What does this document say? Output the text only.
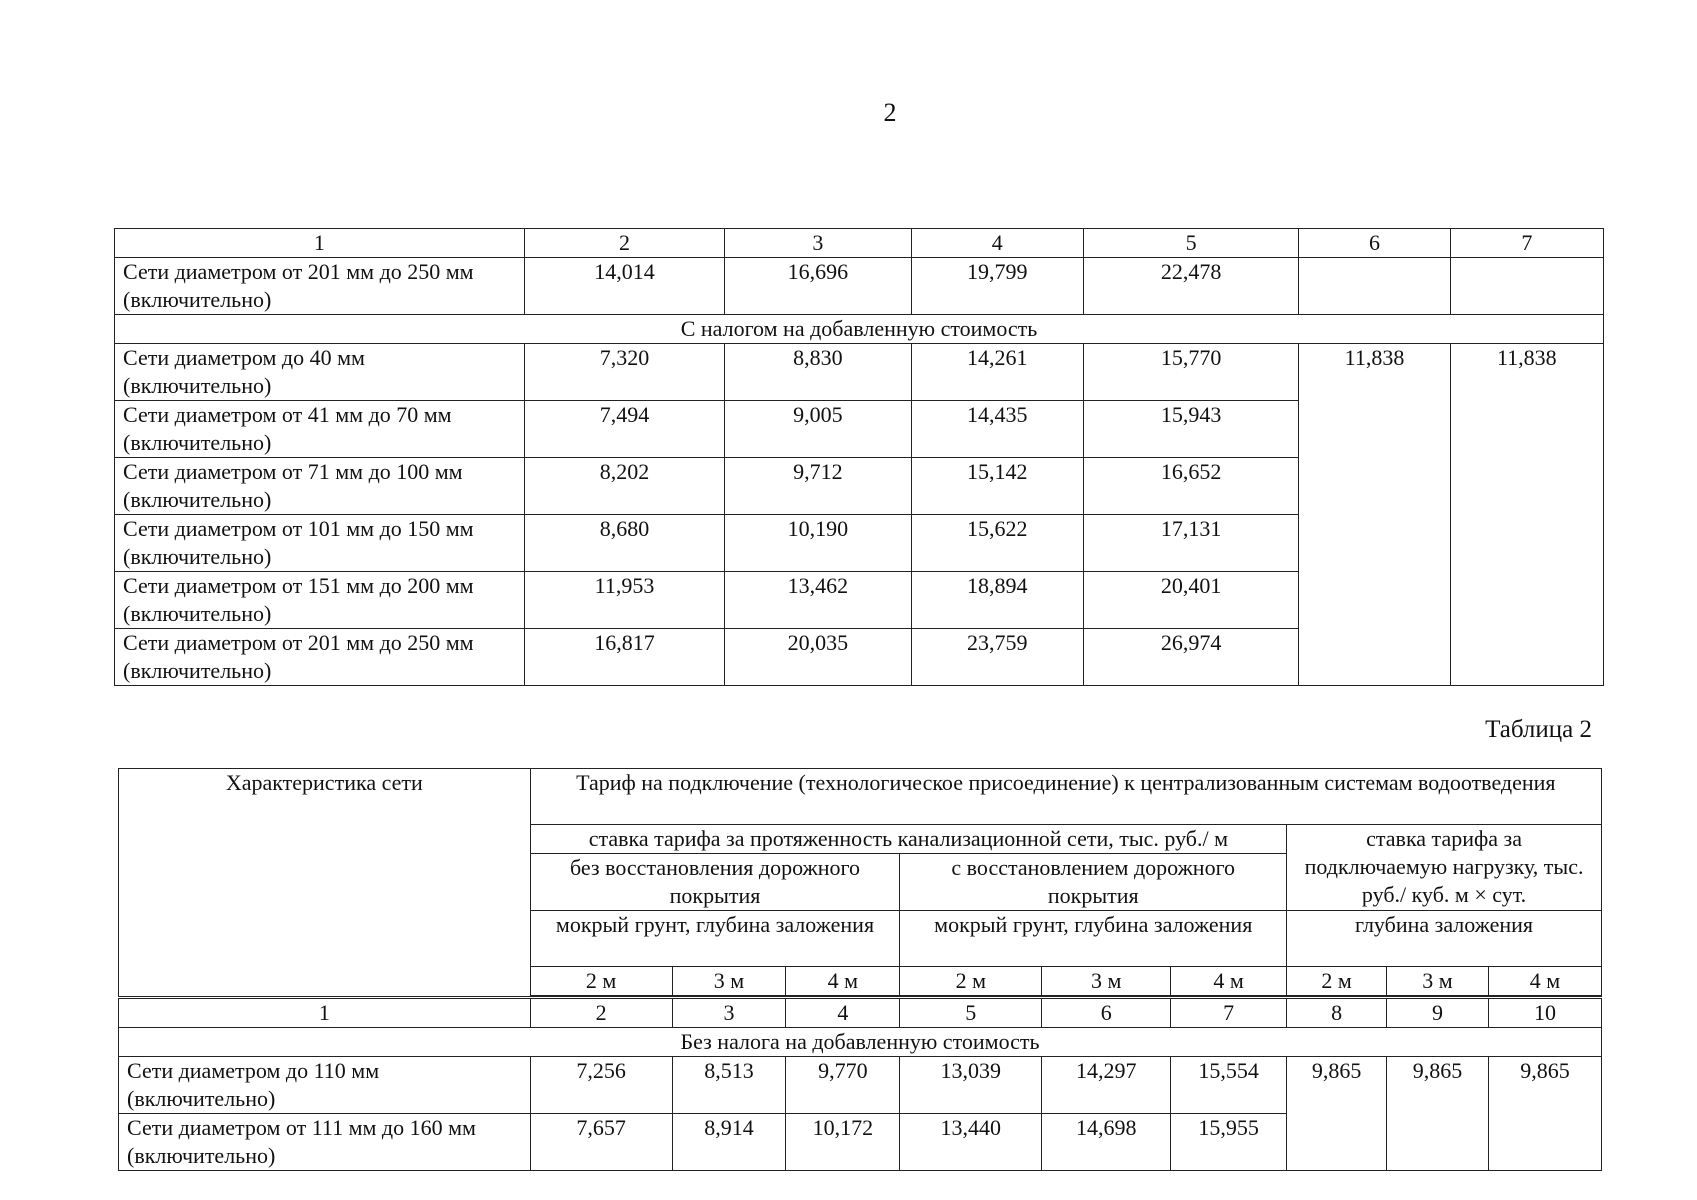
2
1	2	3	4	5	6	7
Сети диаметром от 201 мм до 250 мм (включительно)	14,014	16,696	19,799	22,478		
С налогом на добавленную стоимость						
Сети диаметром до 40 мм (включительно)	7,320	8,830	14,261	15,770	11,838	11,838
Сети диаметром от 41 мм до 70 мм (включительно)	7,494	9,005	14,435	15,943		
Сети диаметром от 71 мм до 100 мм (включительно)	8,202	9,712	15,142	16,652		
Сети диаметром от 101 мм до 150 мм (включительно)	8,680	10,190	15,622	17,131		
Сети диаметром от 151 мм до 200 мм (включительно)	11,953	13,462	18,894	20,401		
Сети диаметром от 201 мм до 250 мм (включительно)	16,817	20,035	23,759	26,974		
Таблица 2
Характеристика сети	Тариф на подключение (технологическое присоединение) к централизованным системам водоотведения								
	ставка тарифа за протяженность канализационной сети, тыс. руб./ м						ставка тарифа за подключаемую нагрузку, тыс. руб./ куб. м × сут.		
	без восстановления дорожного покрытия			с восстановлением дорожного покрытия					
	мокрый грунт, глубина заложения			мокрый грунт, глубина заложения			глубина заложения		
	2 м	3 м	4 м	2 м	3 м	4 м	2 м	3 м	4 м

1	2	3	4	5	6	7	8	9	10
Без налога на добавленную стоимость									
Сети диаметром до 110 мм (включительно)	7,256	8,513	9,770	13,039	14,297	15,554	9,865	9,865	9,865
Сети диаметром от 111 мм до 160 мм (включительно)	7,657	8,914	10,172	13,440	14,698	15,955			
